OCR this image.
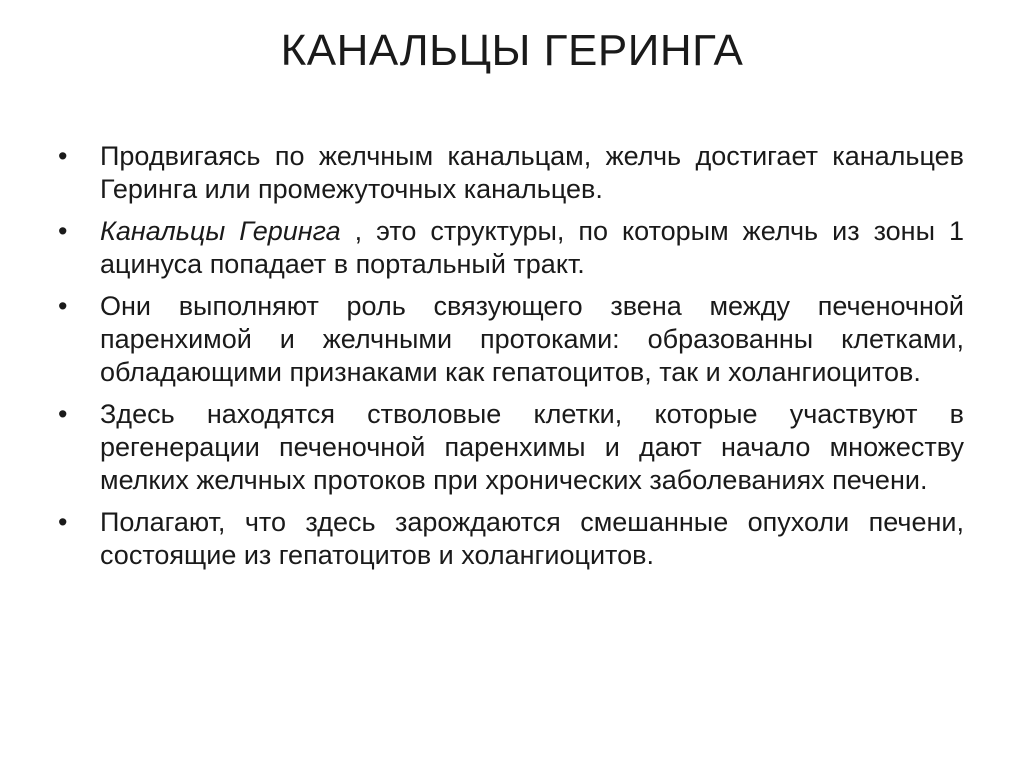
КАНАЛЬЦЫ ГЕРИНГА
•	Продвигаясь по желчным канальцам, желчь достигает канальцев Геринга или промежуточных канальцев.
•	Канальцы Геринга , это структуры, по которым желчь из зоны 1 ацинуса попадает в портальный тракт.
•	Они выполняют роль связующего звена между печеночной паренхимой и желчными протоками: образованны клетками, обладающими признаками как гепатоцитов, так и холангиоцитов.
•	Здесь находятся стволовые клетки, которые участвуют в регенерации печеночной паренхимы и дают начало множеству мелких желчных протоков при хронических заболеваниях печени.
•	Полагают, что здесь зарождаются смешанные опухоли печени, состоящие из гепатоцитов и холангиоцитов.
